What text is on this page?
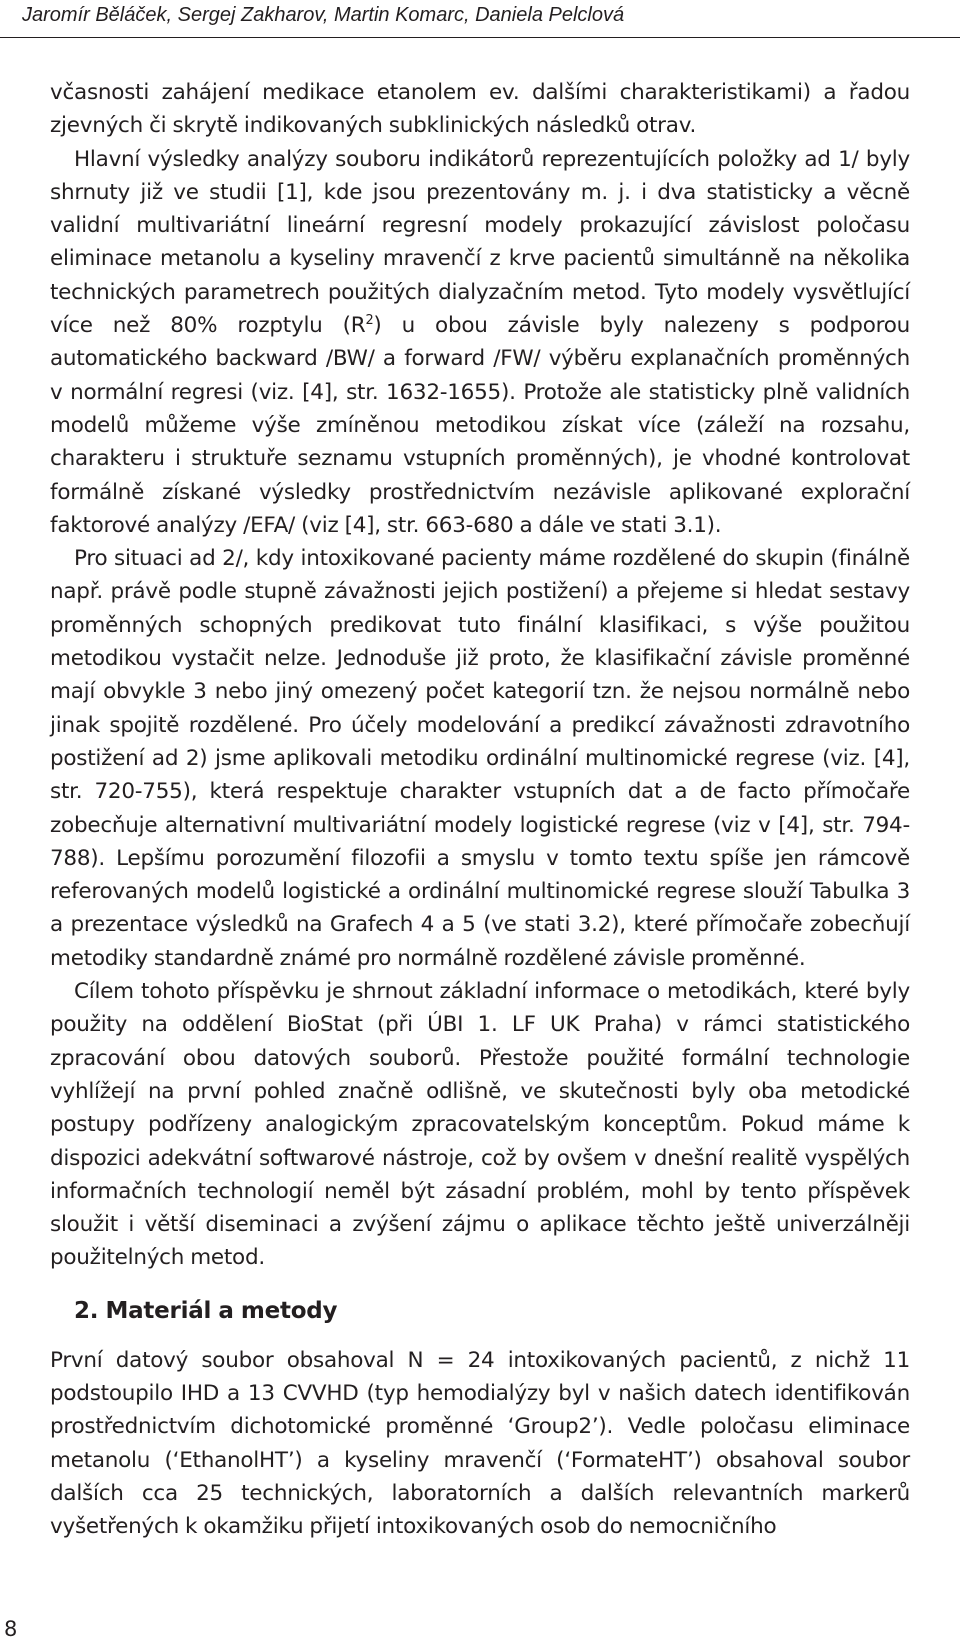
Jaromír Běláček, Sergej Zakharov, Martin Komarc, Daniela Pelclová

včasnosti zahájení medikace etanolem ev. dalšími charakteristikami) a řadou zjevných či skrytě indikovaných subklinických následků otrav.

Hlavní výsledky analýzy souboru indikátorů reprezentujících položky ad 1/ byly shrnuty již ve studii [1], kde jsou prezentovány m. j. i dva statisticky a věcně validní multivariátní lineární regresní modely prokazující závislost poločasu eliminace metanolu a kyseliny mravenčí z krve pacientů simultánně na několika technických parametrech použitých dialyzačním metod. Tyto modely vysvětlující více než 80% rozptylu $(R^2)$ u obou závisle byly nalezeny s podporou automatického backward /BW/ a forward /FW/ výběru explanačních proměnných v normální regresi (viz. [4], str. 1632-1655). Protože ale statisticky plně validních modelů můžeme výše zmíněnou metodikou získat více (záleží na rozsahu, charakteru i struktuře seznamu vstupních proměnných), je vhodné kontrolovat formálně získané výsledky prostřednictvím nezávisle aplikované explorační faktorové analýzy /EFA/ (viz [4], str. 663-680 a dále ve stati 3.1).

Pro situaci ad 2/, kdy intoxikované pacienty máme rozdělené do skupin (finálně např. právě podle stupně závažnosti jejich postižení) a přejeme si hledat sestavy proměnných schopných predikovat tuto finální klasifikaci, s výše použitou metodikou vystačit nelze. Jednoduše již proto, že klasifikační závisle proměnné mají obvykle 3 nebo jiný omezený počet kategorií tzn. že nejsou normálně nebo jinak spojitě rozdělené. Pro účely modelování a predikcí závažnosti zdravotního postižení ad 2) jsme aplikovali metodiku ordinální multinomické regrese (viz. [4], str. 720-755), která respektuje charakter vstupních dat a de facto přímočaře zobecňuje alternativní multivariátní modely logistické regrese (viz v [4], str. 794-788). Lepšímu porozumění filozofii a smyslu v tomto textu spíše jen rámcově referovaných modelů logistické a ordinální multinomické regrese slouží Tabulka 3 a prezentace výsledků na Grafech 4 a 5 (ve stati 3.2), které přímočaře zobecňují metodiky standardně známé pro normálně rozdělené závisle proměnné.

Cílem tohoto příspěvku je shrnout základní informace o metodikách, které byly použity na oddělení BioStat (při ÚBI 1. LF UK Praha) v rámci statistického zpracování obou datových souborů. Přestože použité formální technologie vyhlížejí na první pohled značně odlišně, ve skutečnosti byly oba metodické postupy podřízeny analogickým zpracovatelským konceptům. Pokud máme k dispozici adekvátní softwarové nástroje, což by ovšem v dnešní realitě vyspělých informačních technologií neměl být zásadní problém, mohl by tento příspěvek sloužit i větší diseminaci a zvýšení zájmu o aplikace těchto ještě univerzálněji použitelných metod.

2. Materiál a metody

První datový soubor obsahoval N = 24 intoxikovaných pacientů, z nichž 11 podstoupilo IHD a 13 CVVHD (typ hemodialýzy byl v našich datech identifikován prostřednictvím dichotomické proměnné ‘Group2’). Vedle poločasu eliminace metanolu (‘EthanolHT’) a kyseliny mravenčí (‘FormateHT’) obsahoval soubor dalších cca 25 technických, laboratorních a dalších relevantních markerů vyšetřených k okamžiku přijetí intoxikovaných osob do nemocničního

8
